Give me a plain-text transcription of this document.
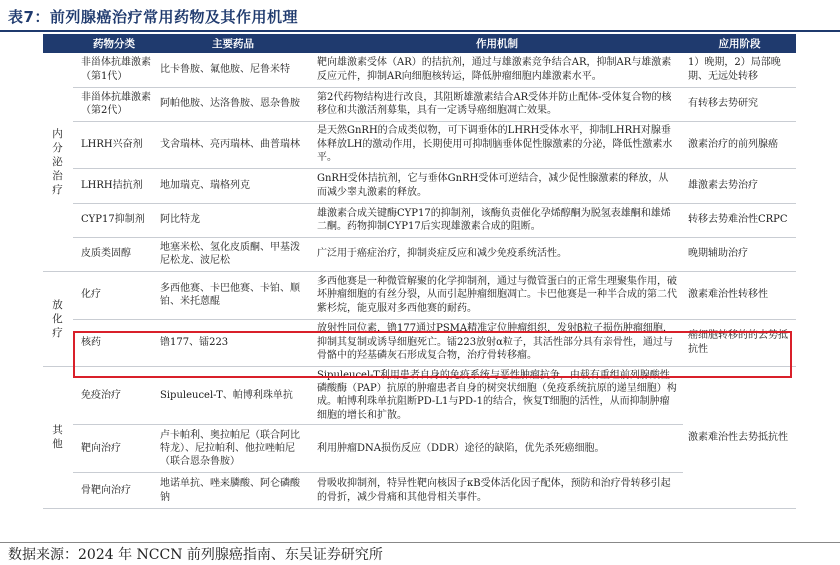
表7：前列腺癌治疗常用药物及其作用机理
	药物分类	主要药品	作用机制	应用阶段

内分泌治疗	非甾体抗雄激素（第1代）	比卡鲁胺、氟他胺、尼鲁米特	靶向雄激素受体（AR）的拮抗剂，通过与雄激素竞争结合AR，抑制AR与雄激素反应元件，抑制AR向细胞核转运，降低肿瘤细胞内雄激素水平。	1）晚期，2）局部晚期、无远处转移
	非甾体抗雄激素（第2代）	阿帕他胺、达洛鲁胺、恩杂鲁胺	第2代药物结构进行改良，其阻断雄激素结合AR受体并防止配体-受体复合物的核移位和共激活剂募集，具有一定诱导癌细胞凋亡效果。	有转移去势研究
	LHRH兴奋剂	戈舍瑞林、亮丙瑞林、曲普瑞林	是天然GnRH的合成类似物，可下调垂体的LHRH受体水平，抑制LHRH对腺垂体释放LH的激动作用，长期使用可抑制脑垂体促性腺激素的分泌，降低性激素水平。	激素治疗的前列腺癌
	LHRH拮抗剂	地加瑞克、瑞格列克	GnRH受体拮抗剂，它与垂体GnRH受体可逆结合，减少促性腺激素的释放，从而减少睾丸激素的释放。	雄激素去势治疗
	CYP17抑制剂	阿比特龙	雄激素合成关键酶CYP17的抑制剂，该酶负责催化孕烯醇酮为脱氢表雄酮和雄烯二酮。药物抑制CYP17后实现雄激素合成的阻断。	转移去势难治性CRPC
	皮质类固醇	地塞米松、氢化皮质酮、甲基泼尼松龙、波尼松	广泛用于癌症治疗，抑制炎症反应和减少免疫系统活性。	晚期辅助治疗

放化疗	化疗	多西他赛、卡巴他赛、卡铂、顺铂、米托蒽醌	多西他赛是一种微管解聚的化学抑制剂，通过与微管蛋白的正常生理聚集作用，破坏肿瘤细胞的有丝分裂，从而引起肿瘤细胞凋亡。卡巴他赛是一种半合成的第二代紫杉烷，能克服对多西他赛的耐药。	激素难治性转移性
	核药	镥177、镭223	放射性同位素，镥177通过PSMA精准定位肿瘤组织，发射β粒子损伤肿瘤细胞，抑制其复制或诱导细胞死亡。镭223放射α粒子，其活性部分具有亲骨性，通过与骨骼中的羟基磷灰石形成复合物，治疗骨转移瘤。	癌细胞转移的的去势抵抗性

其他	免疫治疗	Sipuleucel-T、帕博利珠单抗	Sipuleucel-T利用患者自身的免疫系统与恶性肿瘤抗争，由载有重组前列腺酸性磷酸酶（PAP）抗原的肿瘤患者自身的树突状细胞（免疫系统抗原的递呈细胞）构成。帕博利珠单抗阻断PD-L1与PD-1的结合，恢复T细胞的活性，从而抑制肿瘤细胞的增长和扩散。	激素难治性去势抵抗性
	靶向治疗	卢卡帕利、奥拉帕尼（联合阿比特龙）、尼拉帕利、他拉唑帕尼（联合恩杂鲁胺）	利用肿瘤DNA损伤反应（DDR）途径的缺陷，优先杀死癌细胞。	
	骨靶向治疗	地诺单抗、唑来膦酸、阿仑磷酸钠	骨吸收抑制剂，特异性靶向核因子κB受体活化因子配体，预防和治疗骨转移引起的骨折，减少骨痛和其他骨相关事件。	
数据来源：2024 年 NCCN 前列腺癌指南、东吴证券研究所
